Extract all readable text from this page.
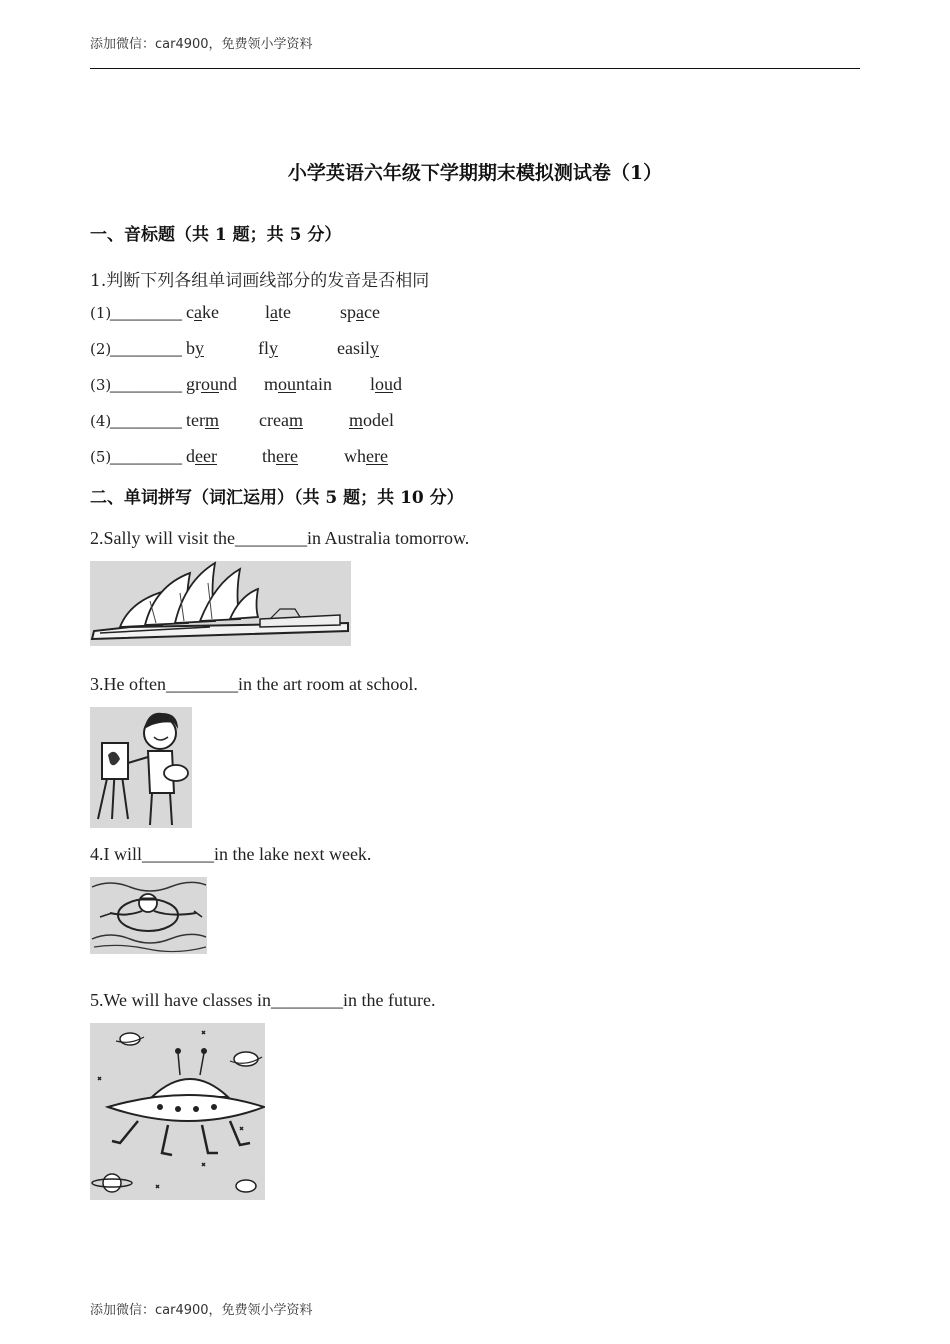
添加微信：car4900，免费领小学资料
小学英语六年级下学期期末模拟测试卷（1）
一、音标题（共 1 题；共 5 分）
1.判断下列各组单词画线部分的发音是否相同
(1)
________ cake	late	space
(2)
________ by	fly	easily
(3)
________ ground mountain loud
(4)
________ term cream	model
(5)
________ deer	there	where
二、单词拼写（词汇运用）（共 5 题；共 10 分）
2.Sally will visit the________in Australia tomorrow.
3.He often________in the art room at school.
4.I will________in the lake next week.
5.We will have classes in________in the future.
添加微信：car4900，免费领小学资料
